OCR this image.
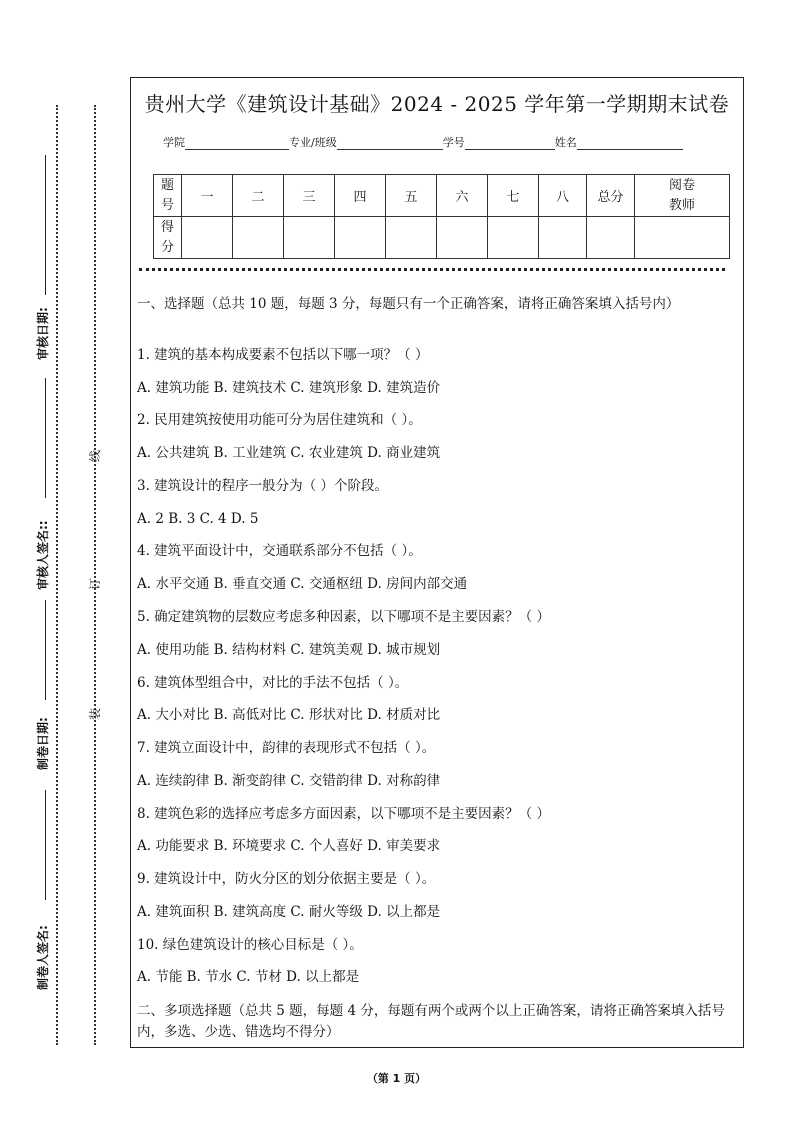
审核日期:
审核人签名::
制卷日期:
制卷人签名:
线
订
装
贵州大学《建筑设计基础》2024 - 2025 学年第一学期期末试卷
学院	专业/班级	学号	姓名
题号	一	二	三	四	五	六	七	八	总分	阅卷教师
得分										
一、选择题（总共 10 题，每题 3 分，每题只有一个正确答案，请将正确答案填入括号内）
1. 建筑的基本构成要素不包括以下哪一项？（ ）
A. 建筑功能 B. 建筑技术 C. 建筑形象 D. 建筑造价
2. 民用建筑按使用功能可分为居住建筑和（ ）。
A. 公共建筑 B. 工业建筑 C. 农业建筑 D. 商业建筑
3. 建筑设计的程序一般分为（ ）个阶段。
A. 2 B. 3 C. 4 D. 5
4. 建筑平面设计中，交通联系部分不包括（ ）。
A. 水平交通 B. 垂直交通 C. 交通枢纽 D. 房间内部交通
5. 确定建筑物的层数应考虑多种因素，以下哪项不是主要因素？（ ）
A. 使用功能 B. 结构材料 C. 建筑美观 D. 城市规划
6. 建筑体型组合中，对比的手法不包括（ ）。
A. 大小对比 B. 高低对比 C. 形状对比 D. 材质对比
7. 建筑立面设计中，韵律的表现形式不包括（ ）。
A. 连续韵律 B. 渐变韵律 C. 交错韵律 D. 对称韵律
8. 建筑色彩的选择应考虑多方面因素，以下哪项不是主要因素？（ ）
A. 功能要求 B. 环境要求 C. 个人喜好 D. 审美要求
9. 建筑设计中，防火分区的划分依据主要是（ ）。
A. 建筑面积 B. 建筑高度 C. 耐火等级 D. 以上都是
10. 绿色建筑设计的核心目标是（ ）。
A. 节能 B. 节水 C. 节材 D. 以上都是
二、多项选择题（总共 5 题，每题 4 分，每题有两个或两个以上正确答案，请将正确答案填入括号内，多选、少选、错选均不得分）
（第 1 页）
